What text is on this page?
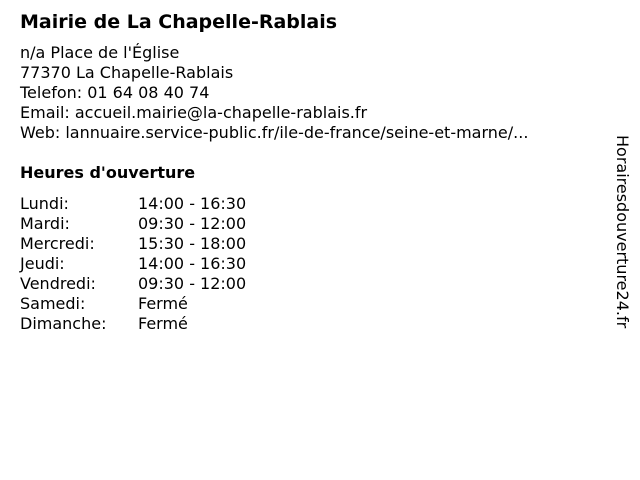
Mairie de La Chapelle-Rablais
n/a Place de l'Église
77370 La Chapelle-Rablais
Telefon: 01 64 08 40 74
Email: accueil.mairie@la-chapelle-rablais.fr
Web: lannuaire.service-public.fr/ile-de-france/seine-et-marne/...
Heures d'ouverture
Lundi:	14:00 - 16:30
Mardi:	09:30 - 12:00
Mercredi:	15:30 - 18:00
Jeudi:	14:00 - 16:30
Vendredi:	09:30 - 12:00
Samedi:	Fermé
Dimanche:	Fermé	Horairesdouverture24.fr
